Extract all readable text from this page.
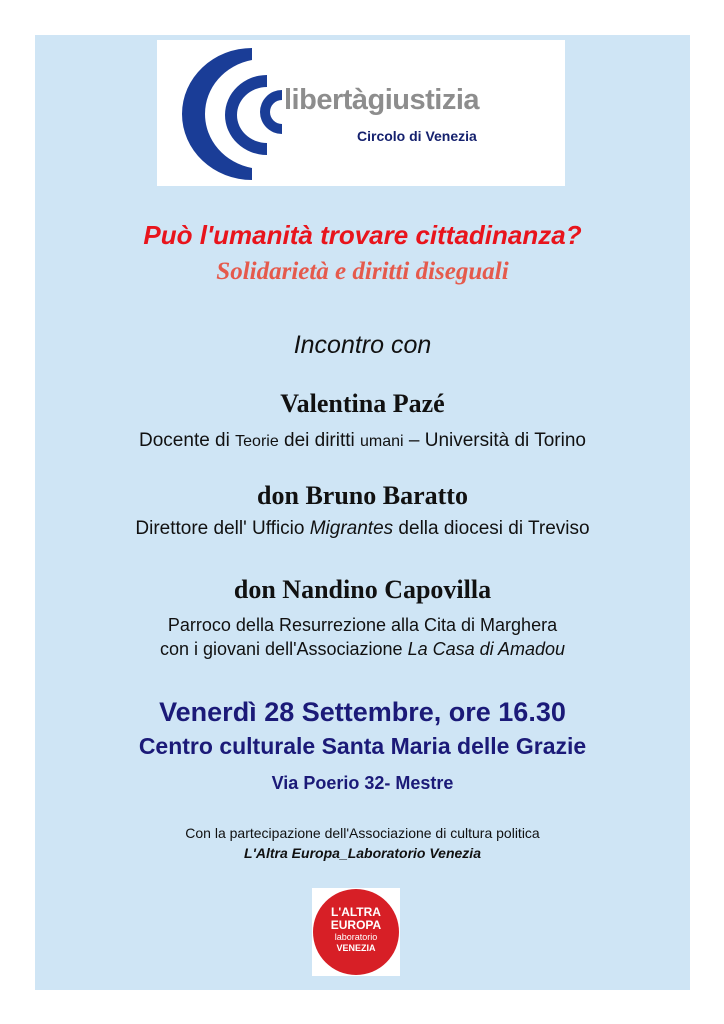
libertàgiustizia
Circolo di Venezia
Può l'umanità trovare cittadinanza?
Solidarietà e diritti diseguali
Incontro con
Valentina Pazé
Docente di Teorie dei diritti umani – Università di Torino
don Bruno Baratto
Direttore dell' Ufficio Migrantes della diocesi di Treviso
don Nandino Capovilla
Parroco della Resurrezione alla Cita di Marghera
con i giovani dell'Associazione La Casa di Amadou
Venerdì 28 Settembre, ore 16.30
Centro culturale Santa Maria delle Grazie
Via Poerio 32- Mestre
Con la partecipazione dell'Associazione di cultura politica
L'Altra Europa_Laboratorio Venezia
L'ALTRA
EUROPA
laboratorio
VENEZIA
